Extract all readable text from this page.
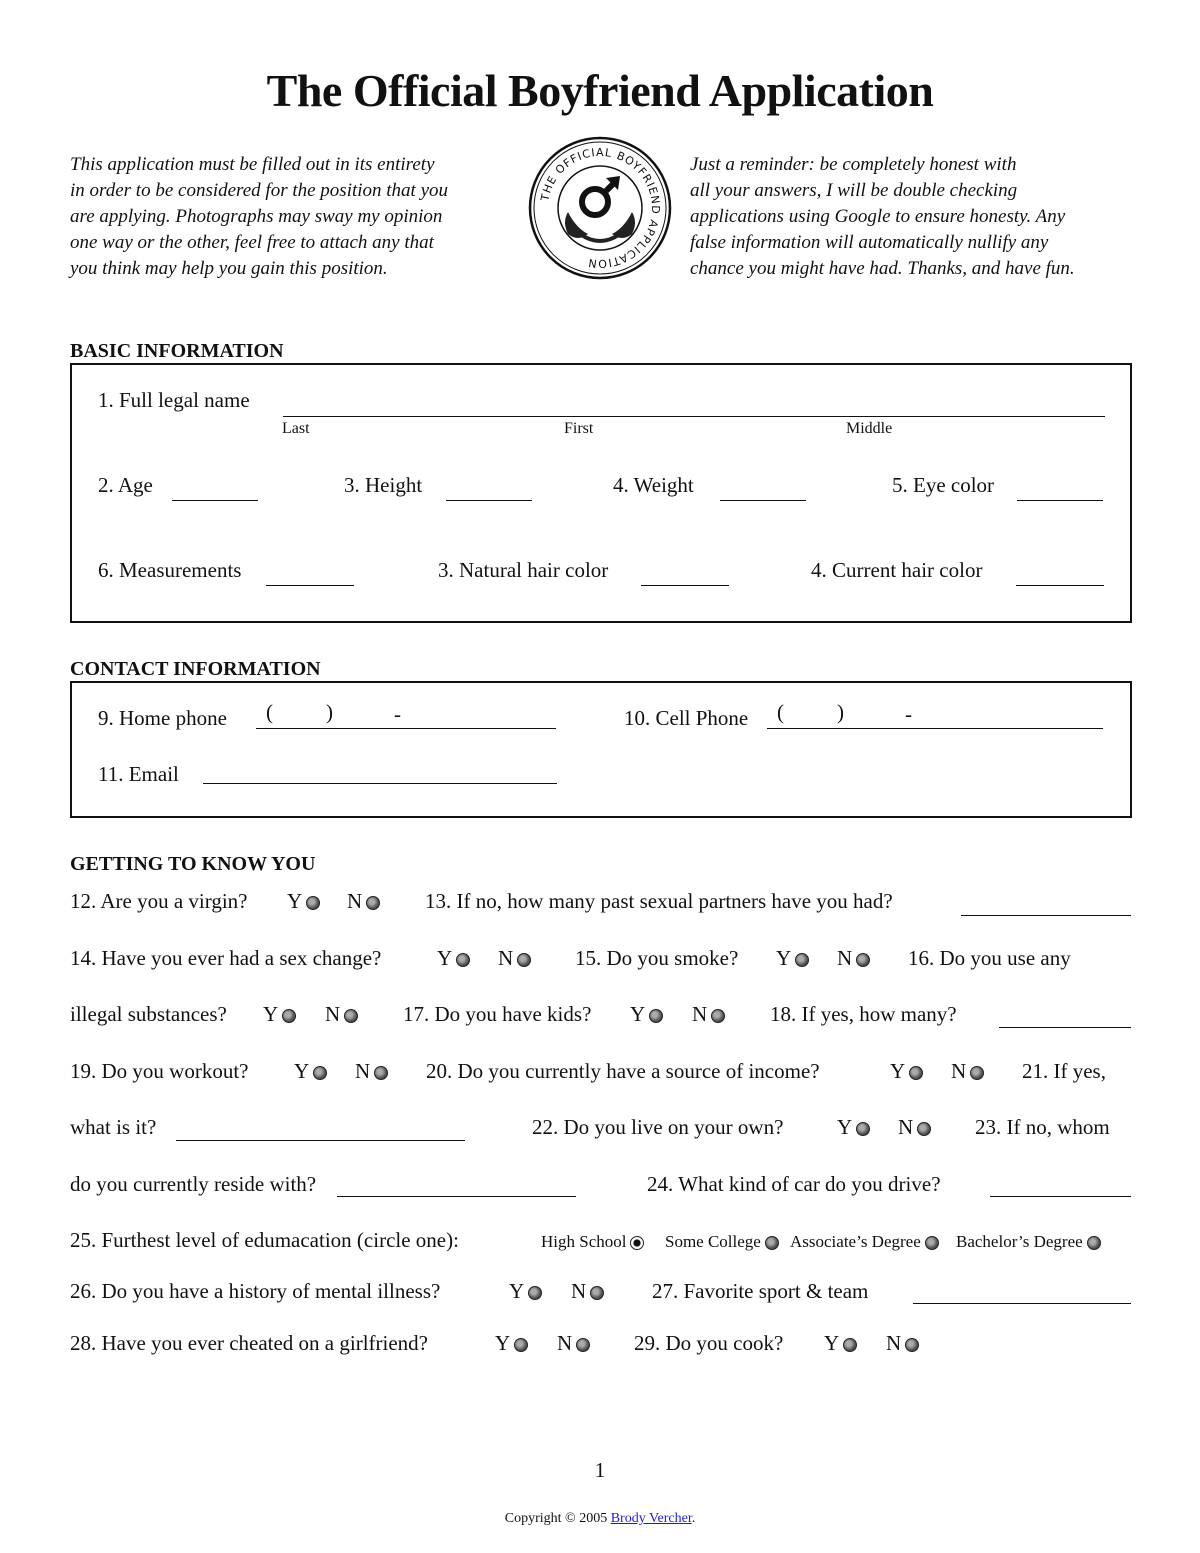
The Official Boyfriend Application
This application must be filled out in its entirety
in order to be considered for the position that you
are applying. Photographs may sway my opinion
one way or the other, feel free to attach any that
you think may help you gain this position.
Just a reminder: be completely honest with
all your answers, I will be double checking
applications using Google to ensure honesty. Any
false information will automatically nullify any
chance you might have had. Thanks, and have fun.
THE OFFICIAL BOYFRIEND APPLICATION
BASIC INFORMATION
1. Full legal name
Last	First	Middle
2. Age	3. Height	4. Weight	5. Eye color
6. Measurements	3. Natural hair color	4. Current hair color
CONTACT INFORMATION
9. Home phone (	)	-	10. Cell Phone (	)	-
11. Email
GETTING TO KNOW YOU
12. Are you a virgin? Y	N	13. If no, how many past sexual partners have you had?
14. Have you ever had a sex change?	Y	N	15. Do you smoke? Y	N	16. Do you use any
illegal substances? Y	N	17. Do you have kids? Y	N	18. If yes, how many?
19. Do you workout? Y	N	20. Do you currently have a source of income?	Y	N	21. If yes,
what is it?	22. Do you live on your own?	Y	N	23. If no, whom
do you currently reside with?	24. What kind of car do you drive?
25. Furthest level of edumacation (circle one):	High School	Some College	Associate’s Degree	Bachelor’s Degree
26. Do you have a history of mental illness?	Y	N	27. Favorite sport & team
28. Have you ever cheated on a girlfriend?	Y	N	29. Do you cook? Y	N
1
Copyright © 2005 Brody Vercher.
